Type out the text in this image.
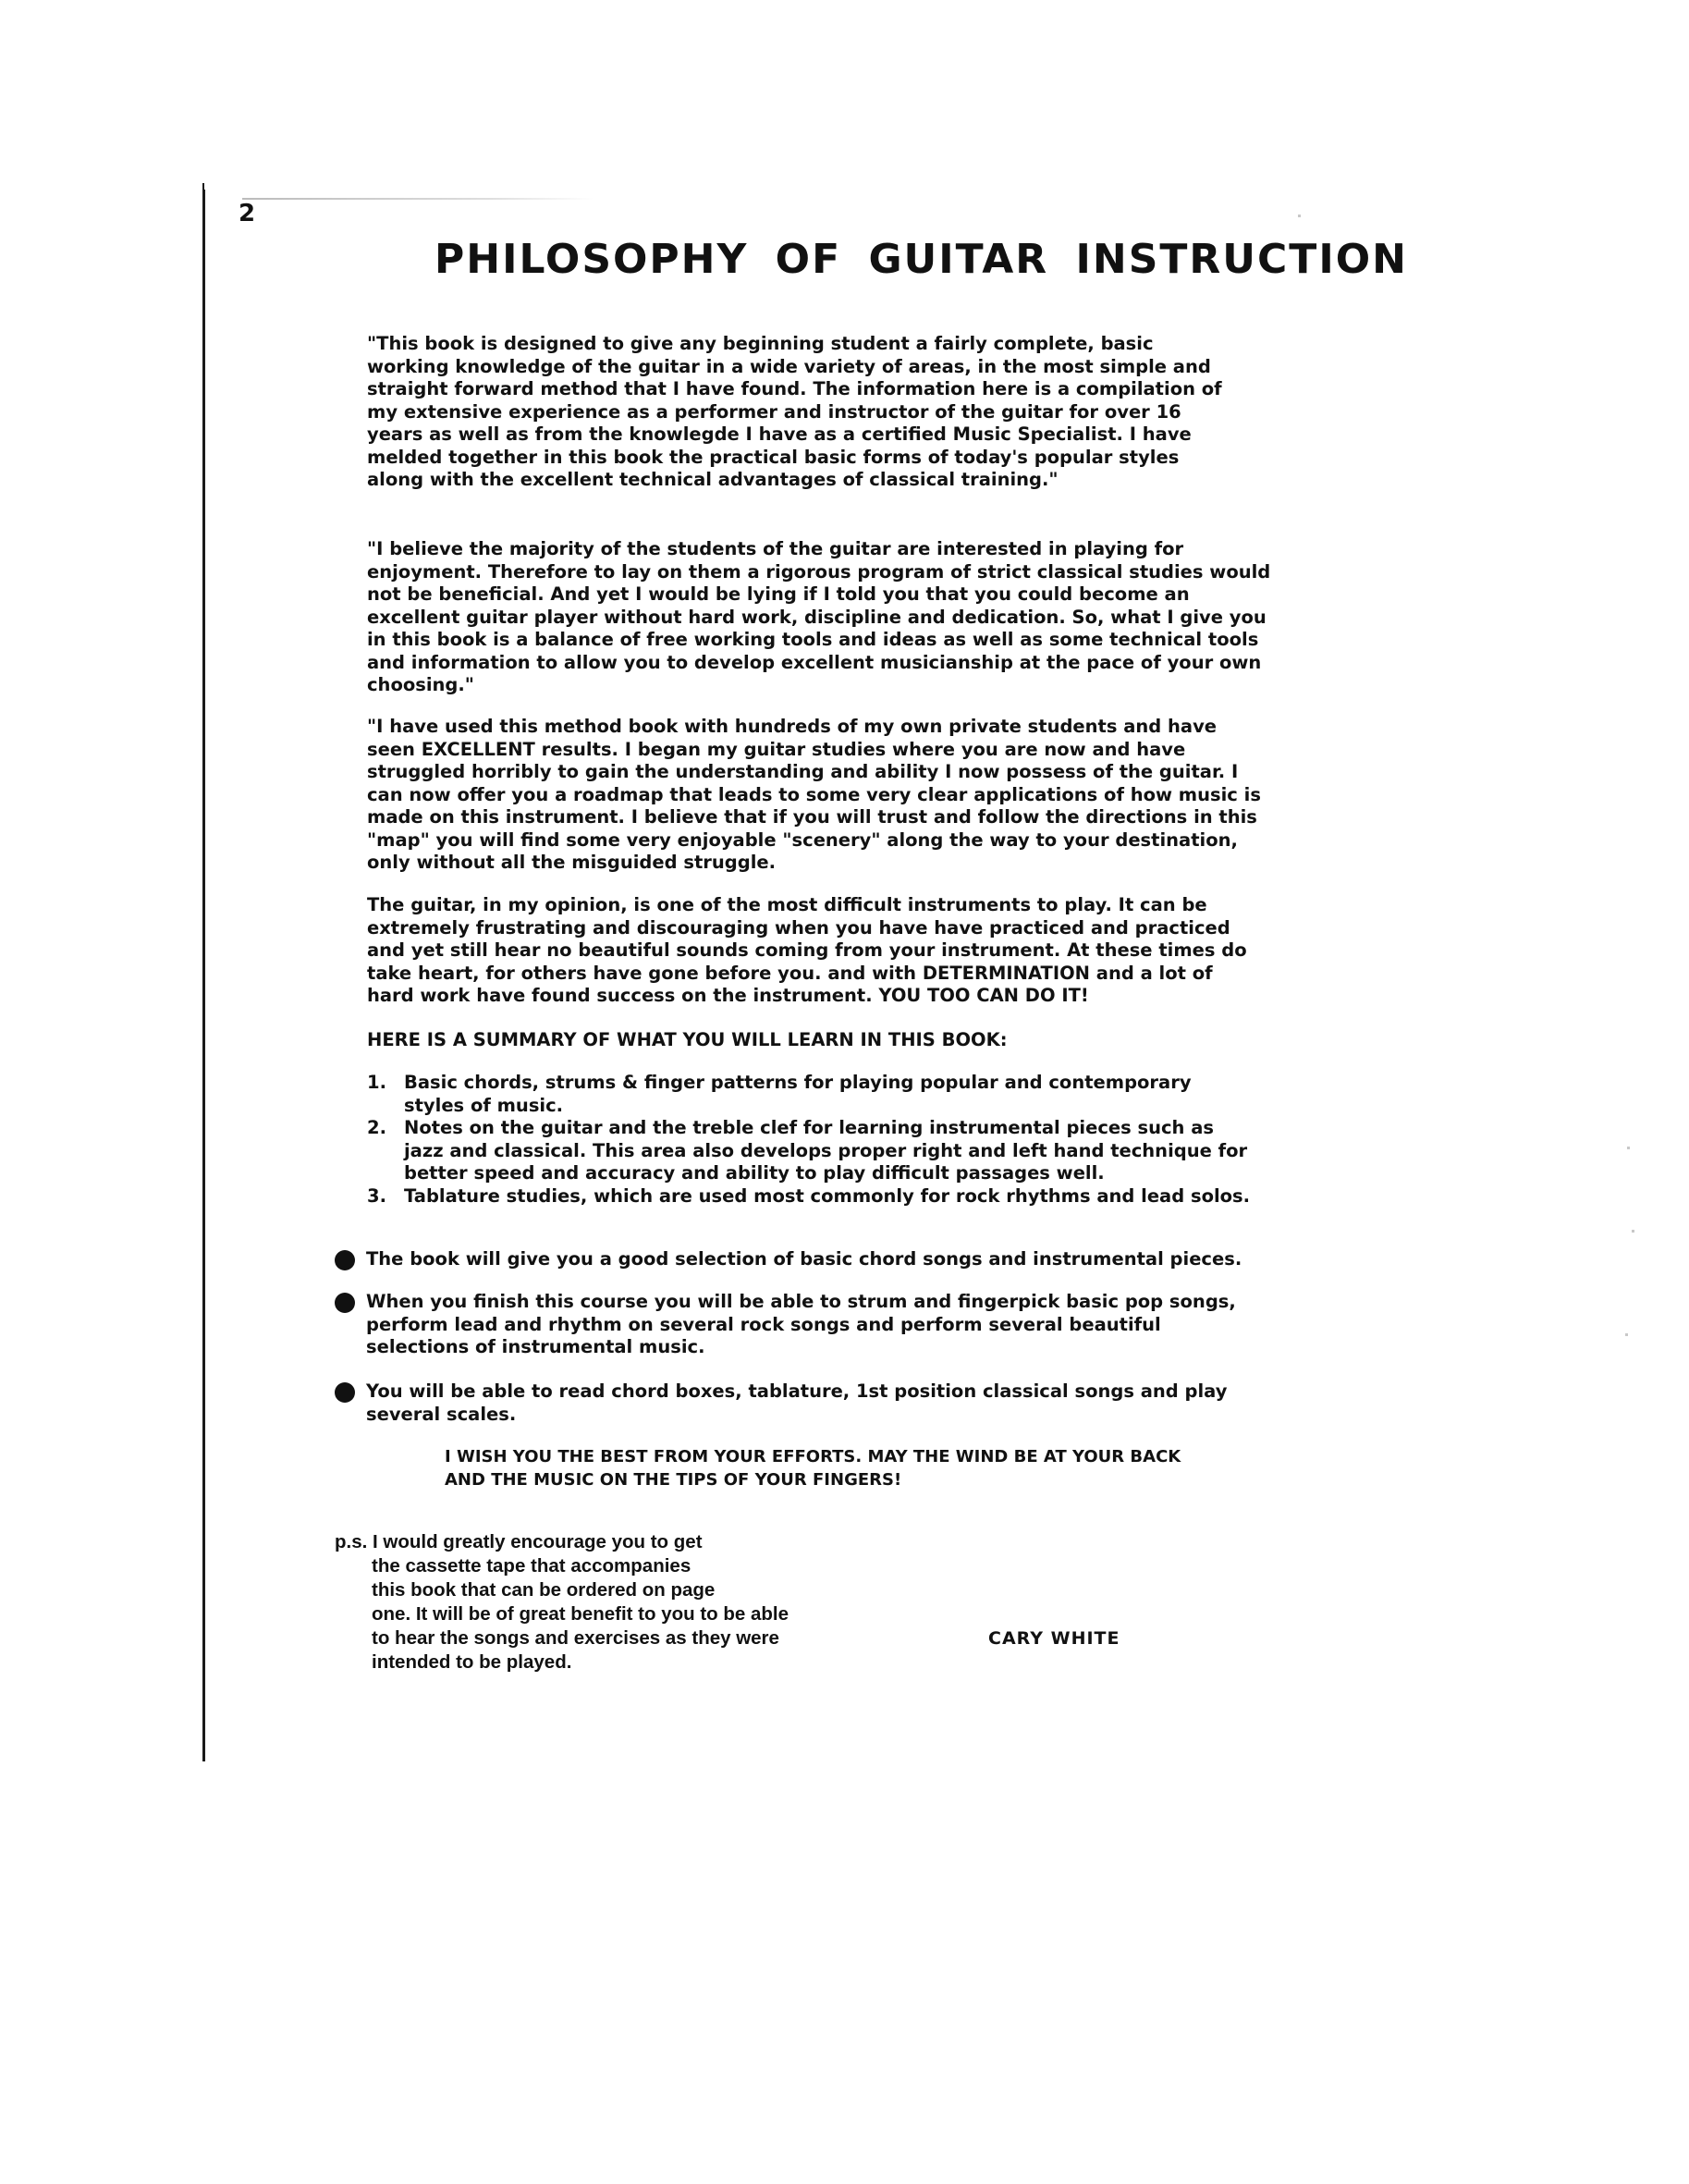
2
PHILOSOPHY OF GUITAR INSTRUCTION

"This book is designed to give any beginning student a fairly complete, basic working knowledge of the guitar in a wide variety of areas, in the most simple and straight forward method that I have found. The information here is a compilation of my extensive experience as a performer and instructor of the guitar for over 16 years as well as from the knowlegde I have as a certified Music Specialist. I have melded together in this book the practical basic forms of today's popular styles along with the excellent technical advantages of classical training."

"I believe the majority of the students of the guitar are interested in playing for enjoyment. Therefore to lay on them a rigorous program of strict classical studies would not be beneficial. And yet I would be lying if I told you that you could become an excellent guitar player without hard work, discipline and dedication. So, what I give you in this book is a balance of free working tools and ideas as well as some technical tools and information to allow you to develop excellent musicianship at the pace of your own choosing."

"I have used this method book with hundreds of my own private students and have seen EXCELLENT results. I began my guitar studies where you are now and have struggled horribly to gain the understanding and ability I now possess of the guitar. I can now offer you a roadmap that leads to some very clear applications of how music is made on this instrument. I believe that if you will trust and follow the directions in this "map" you will find some very enjoyable "scenery" along the way to your destination, only without all the misguided struggle.

The guitar, in my opinion, is one of the most difficult instruments to play. It can be extremely frustrating and discouraging when you have have practiced and practiced and yet still hear no beautiful sounds coming from your instrument. At these times do take heart, for others have gone before you. and with DETERMINATION and a lot of hard work have found success on the instrument. YOU TOO CAN DO IT!

HERE IS A SUMMARY OF WHAT YOU WILL LEARN IN THIS BOOK:
1. Basic chords, strums & finger patterns for playing popular and contemporary styles of music.
2. Notes on the guitar and the treble clef for learning instrumental pieces such as jazz and classical. This area also develops proper right and left hand technique for better speed and accuracy and ability to play difficult passages well.
3. Tablature studies, which are used most commonly for rock rhythms and lead solos.
The book will give you a good selection of basic chord songs and instrumental pieces.
When you finish this course you will be able to strum and fingerpick basic pop songs, perform lead and rhythm on several rock songs and perform several beautiful selections of instrumental music.
You will be able to read chord boxes, tablature, 1st position classical songs and play several scales.
I WISH YOU THE BEST FROM YOUR EFFORTS. MAY THE WIND BE AT YOUR BACK
AND THE MUSIC ON THE TIPS OF YOUR FINGERS!
p.s. I would greatly encourage you to get
the cassette tape that accompanies
this book that can be ordered on page
one. It will be of great benefit to you to be able
to hear the songs and exercises as they were
intended to be played.
CARY WHITE
